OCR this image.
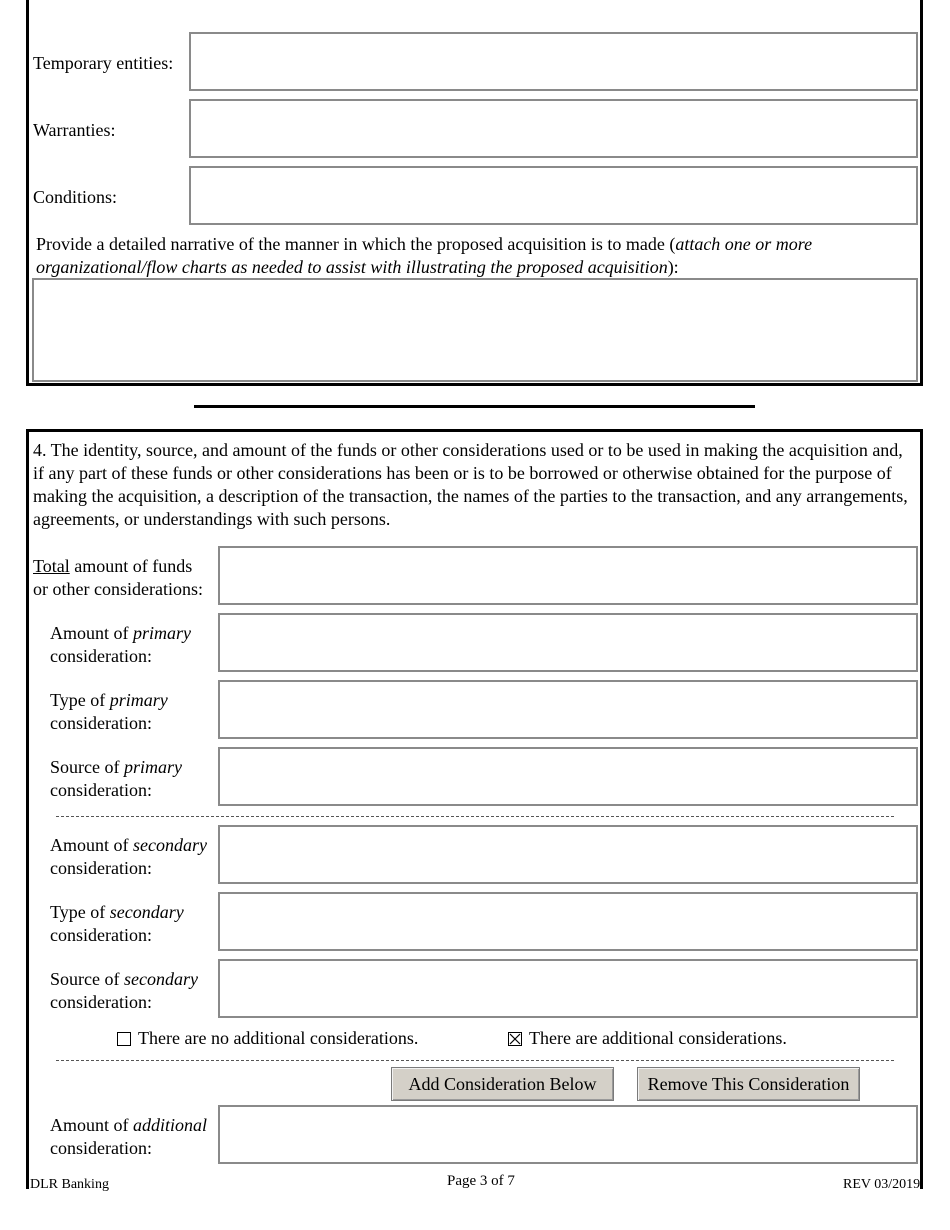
Temporary entities:
Warranties:
Conditions:
Provide a detailed narrative of the manner in which the proposed acquisition is to made (attach one or more organizational/flow charts as needed to assist with illustrating the proposed acquisition):
4. The identity, source, and amount of the funds or other considerations used or to be used in making the acquisition and, if any part of these funds or other considerations has been or is to be borrowed or otherwise obtained for the purpose of making the acquisition, a description of the transaction, the names of the parties to the transaction, and any arrangements, agreements, or understandings with such persons.
Total amount of funds
or other considerations:
Amount of primary
consideration:
Type of primary
consideration:
Source of primary
consideration:
Amount of secondary
consideration:
Type of secondary
consideration:
Source of secondary
consideration:
There are no additional considerations.	There are additional considerations.
Add Consideration Below	Remove This Consideration
Amount of additional
consideration:
DLR Banking	Page 3 of 7	REV 03/2019
